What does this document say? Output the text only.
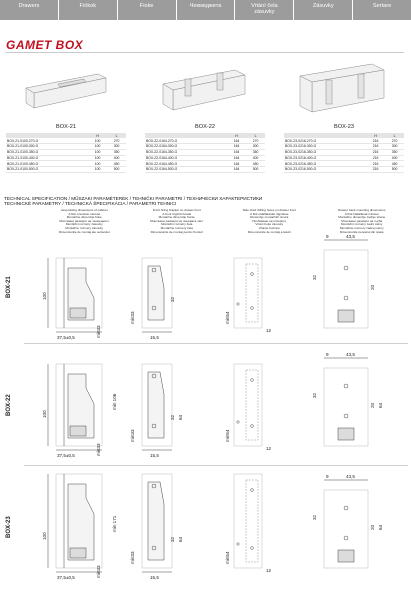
Drawers	Fiókok	Fioke	Чекмеджета	Vrtání čela
zásuvky
Zásuvky	Sertare
GAMET BOX
BOX-21
	H	L
BOX-21-0100-270-G	100	270
BOX-21-0100-300-G	100	300
BOX-21-0100-350-G	100	350
BOX-21-0100-400-G	100	400
BOX-21-0100-450-G	100	450
BOX-21-0100-500-G	100	500
BOX-22
	H	L
BOX-22-0164-270-G	164	270
BOX-22-0164-300-G	164	300
BOX-22-0164-350-G	164	350
BOX-22-0164-400-G	164	400
BOX-22-0164-450-G	164	450
BOX-22-0164-500-G	164	500
BOX-23
	H	L
BOX-23-0216-270-G	216	270
BOX-23-0216-300-G	216	300
BOX-23-0216-350-G	216	350
BOX-23-0216-400-G	216	400
BOX-23-0216-450-G	216	450
BOX-23-0216-500-G	216	500
TECHNICAL SPECIFICATION / MŰSZAKI PARAMÉTEREK / TEHNIČKI PARAMETRI / ТЕХНИЧЕСКИ ХАРАКТЕРИСТИКИ
TECHNICKÉ PARAMETRY / TECHNICKÁ ŠPECIFIKÁCIA / PARAMETRI TEHNICI
Assembling dimensions of cabinet
A fiók szerelési méretei
Montažne dimenzije fioke
Монтажни размери на чекмеджето
Montážní rozměry zásuvky
Montážne rozmery zásuvky
Dimensiunile de montaj ale sertarului
Front fixing bracket on drawer front
A front rögzítő furatai
Montažne dimenzije fronte
Монтажни размери на лицевата част
Montážní rozměry čela
Montážne rozmery čela
Dimensiunile de montaj pentru fronturi
Side shelf drilling holes on drawer front
A fiók oldalfalának rögzítése
Dimenzije montažnih otvora
Пробиване на отворите
Vrtání boku zásuvky
Vŕtanie bočnice
Dimensiunile de montaj a laturii
Drawer back mounting dimensions
A fiók hátfalának méretei
Montažne dimenzije zadnje strane
Монтажни размери на гърба
Montážní rozměry zadní stěny
Montážne rozmery zadnej steny
Dimensiunile peretelui din spate
BOX-21	100
37,5±0,5	min33	15,5
32
min33	min54
12
9	43,5
32
20
BOX-22	100
37,5±0,5	min33
min 106
15,5
32 64
min33	min54
12
9	43,5
32
20 64
BOX-23	100
37,5±0,5	min33
min 171
15,5
32 64
min33	min54
12
9	43,5
32
20 64
